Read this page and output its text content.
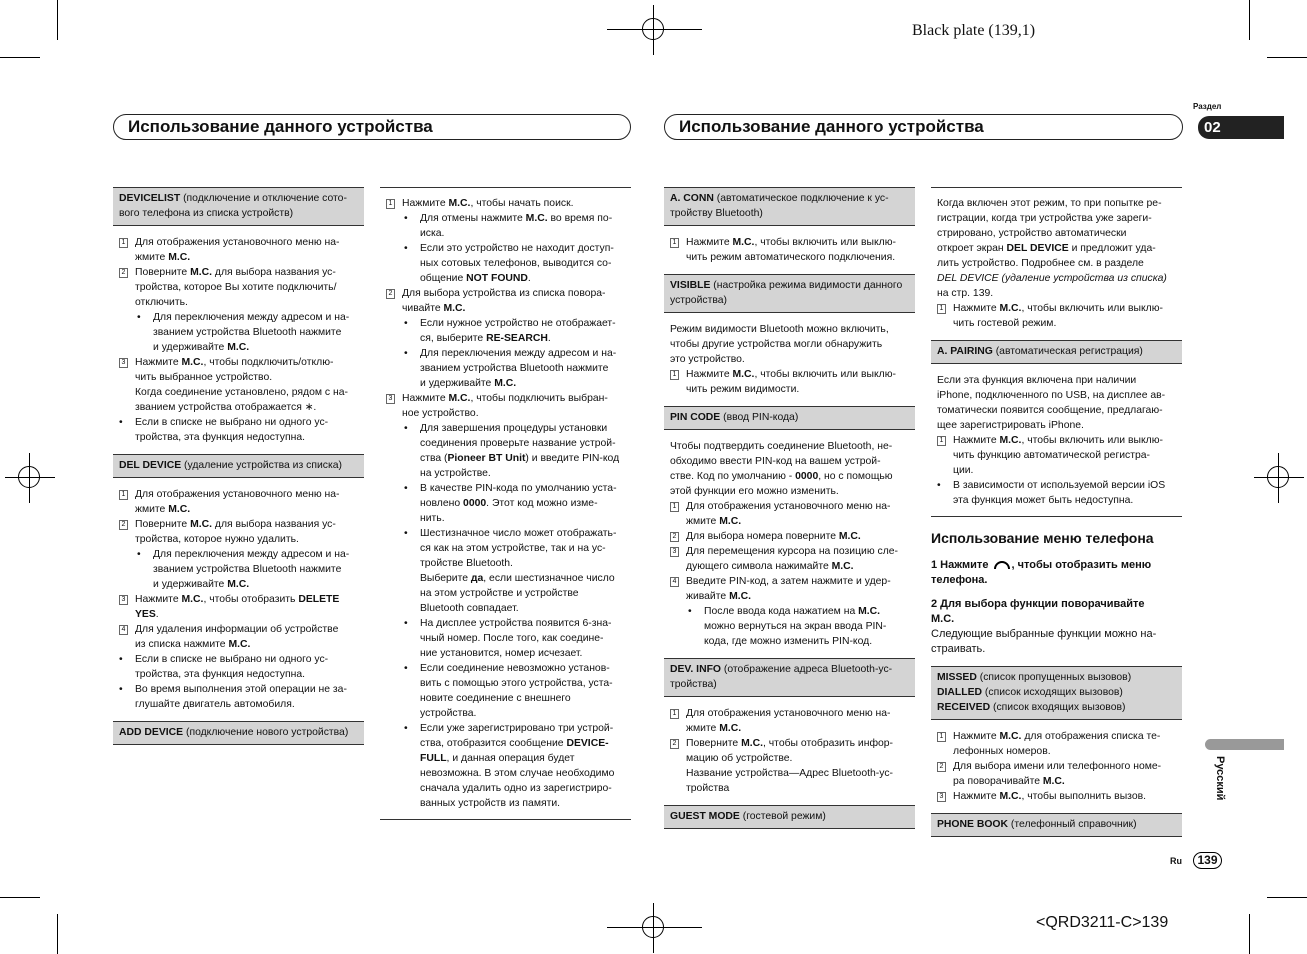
Black plate (139,1)
<QRD3211-C>139
Использование данного устройства	Использование данного устройства
Раздел
02
Русский
Ru	139
DEVICELIST (подключение и отключение сото-
вого телефона из списка устройств)
1 Для отображения установочного меню на-
жмите M.C.
2 Поверните M.C. для выбора названия ус-
тройства, которое Вы хотите подключить/
отключить.
• Для переключения между адресом и на-
званием устройства Bluetooth нажмите
и удерживайте M.C.
3 Нажмите M.C., чтобы подключить/отклю-
чить выбранное устройство.
Когда соединение установлено, рядом с на-
званием устройства отображается ∗.
• Если в списке не выбрано ни одного ус-
тройства, эта функция недоступна.
DEL DEVICE (удаление устройства из списка)
1 Для отображения установочного меню на-
жмите M.C.
2 Поверните M.C. для выбора названия ус-
тройства, которое нужно удалить.
• Для переключения между адресом и на-
званием устройства Bluetooth нажмите
и удерживайте M.C.
3 Нажмите M.C., чтобы отобразить DELETE
YES.
4 Для удаления информации об устройстве
из списка нажмите M.C.
• Если в списке не выбрано ни одного ус-
тройства, эта функция недоступна.
• Во время выполнения этой операции не за-
глушайте двигатель автомобиля.
ADD DEVICE (подключение нового устройства)
1 Нажмите M.C., чтобы начать поиск.
• Для отмены нажмите M.C. во время по-
иска.
• Если это устройство не находит доступ-
ных сотовых телефонов, выводится со-
общение NOT FOUND.
2 Для выбора устройства из списка повора-
чивайте M.C.
• Если нужное устройство не отображает-
ся, выберите RE-SEARCH.
• Для переключения между адресом и на-
званием устройства Bluetooth нажмите
и удерживайте M.C.
3 Нажмите M.C., чтобы подключить выбран-
ное устройство.
• Для завершения процедуры установки
соединения проверьте название устрой-
ства (Pioneer BT Unit) и введите PIN-код
на устройстве.
• В качестве PIN-кода по умолчанию уста-
новлено 0000. Этот код можно изме-
нить.
• Шестизначное число может отображать-
ся как на этом устройстве, так и на ус-
тройстве Bluetooth.
Выберите да, если шестизначное число
на этом устройстве и устройстве
Bluetooth совпадает.
• На дисплее устройства появится 6-зна-
чный номер. После того, как соедине-
ние установится, номер исчезает.
• Если соединение невозможно установ-
вить с помощью этого устройства, уста-
новите соединение с внешнего
устройства.
• Если уже зарегистрировано три устрой-
ства, отобразится сообщение DEVICE-
FULL, и данная операция будет
невозможна. В этом случае необходимо
сначала удалить одно из зарегистриро-
ванных устройств из памяти.
A. CONN (автоматическое подключение к ус-
тройству Bluetooth)
1 Нажмите M.C., чтобы включить или выклю-
чить режим автоматического подключения.
VISIBLE (настройка режима видимости данного
устройства)
Режим видимости Bluetooth можно включить,
чтобы другие устройства могли обнаружить
это устройство.
1 Нажмите M.C., чтобы включить или выклю-
чить режим видимости.
PIN CODE (ввод PIN-кода)
Чтобы подтвердить соединение Bluetooth, не-
обходимо ввести PIN-код на вашем устрой-
стве. Код по умолчанию - 0000, но с помощью
этой функции его можно изменить.
1 Для отображения установочного меню на-
жмите M.C.
2 Для выбора номера поверните M.C.
3 Для перемещения курсора на позицию сле-
дующего символа нажимайте M.C.
4 Введите PIN-код, а затем нажмите и удер-
живайте M.C.
• После ввода кода нажатием на M.C.
можно вернуться на экран ввода PIN-
кода, где можно изменить PIN-код.
DEV. INFO (отображение адреса Bluetooth-ус-
тройства)
1 Для отображения установочного меню на-
жмите M.C.
2 Поверните M.C., чтобы отобразить инфор-
мацию об устройстве.
Название устройства—Адрес Bluetooth-ус-
тройства
GUEST MODE (гостевой режим)
Когда включен этот режим, то при попытке ре-
гистрации, когда три устройства уже зареги-
стрировано, устройство автоматически
откроет экран DEL DEVICE и предложит уда-
лить устройство. Подробнее см. в разделе
DEL DEVICE (удаление устройства из списка)
на стр. 139.
1 Нажмите M.C., чтобы включить или выклю-
чить гостевой режим.
A. PAIRING (автоматическая регистрация)
Если эта функция включена при наличии
iPhone, подключенного по USB, на дисплее ав-
томатически появится сообщение, предлагаю-
щее зарегистрировать iPhone.
1 Нажмите M.C., чтобы включить или выклю-
чить функцию автоматической регистра-
ции.
• В зависимости от используемой версии iOS
эта функция может быть недоступна.
Использование меню телефона
1 Нажмите , чтобы отобразить меню
телефона.
2 Для выбора функции поворачивайте
M.C.
Следующие выбранные функции можно на-
страивать.
MISSED (список пропущенных вызовов)
DIALLED (список исходящих вызовов)
RECEIVED (список входящих вызовов)
1 Нажмите M.C. для отображения списка те-
лефонных номеров.
2 Для выбора имени или телефонного номе-
ра поворачивайте M.C.
3 Нажмите M.C., чтобы выполнить вызов.
PHONE BOOK (телефонный справочник)
